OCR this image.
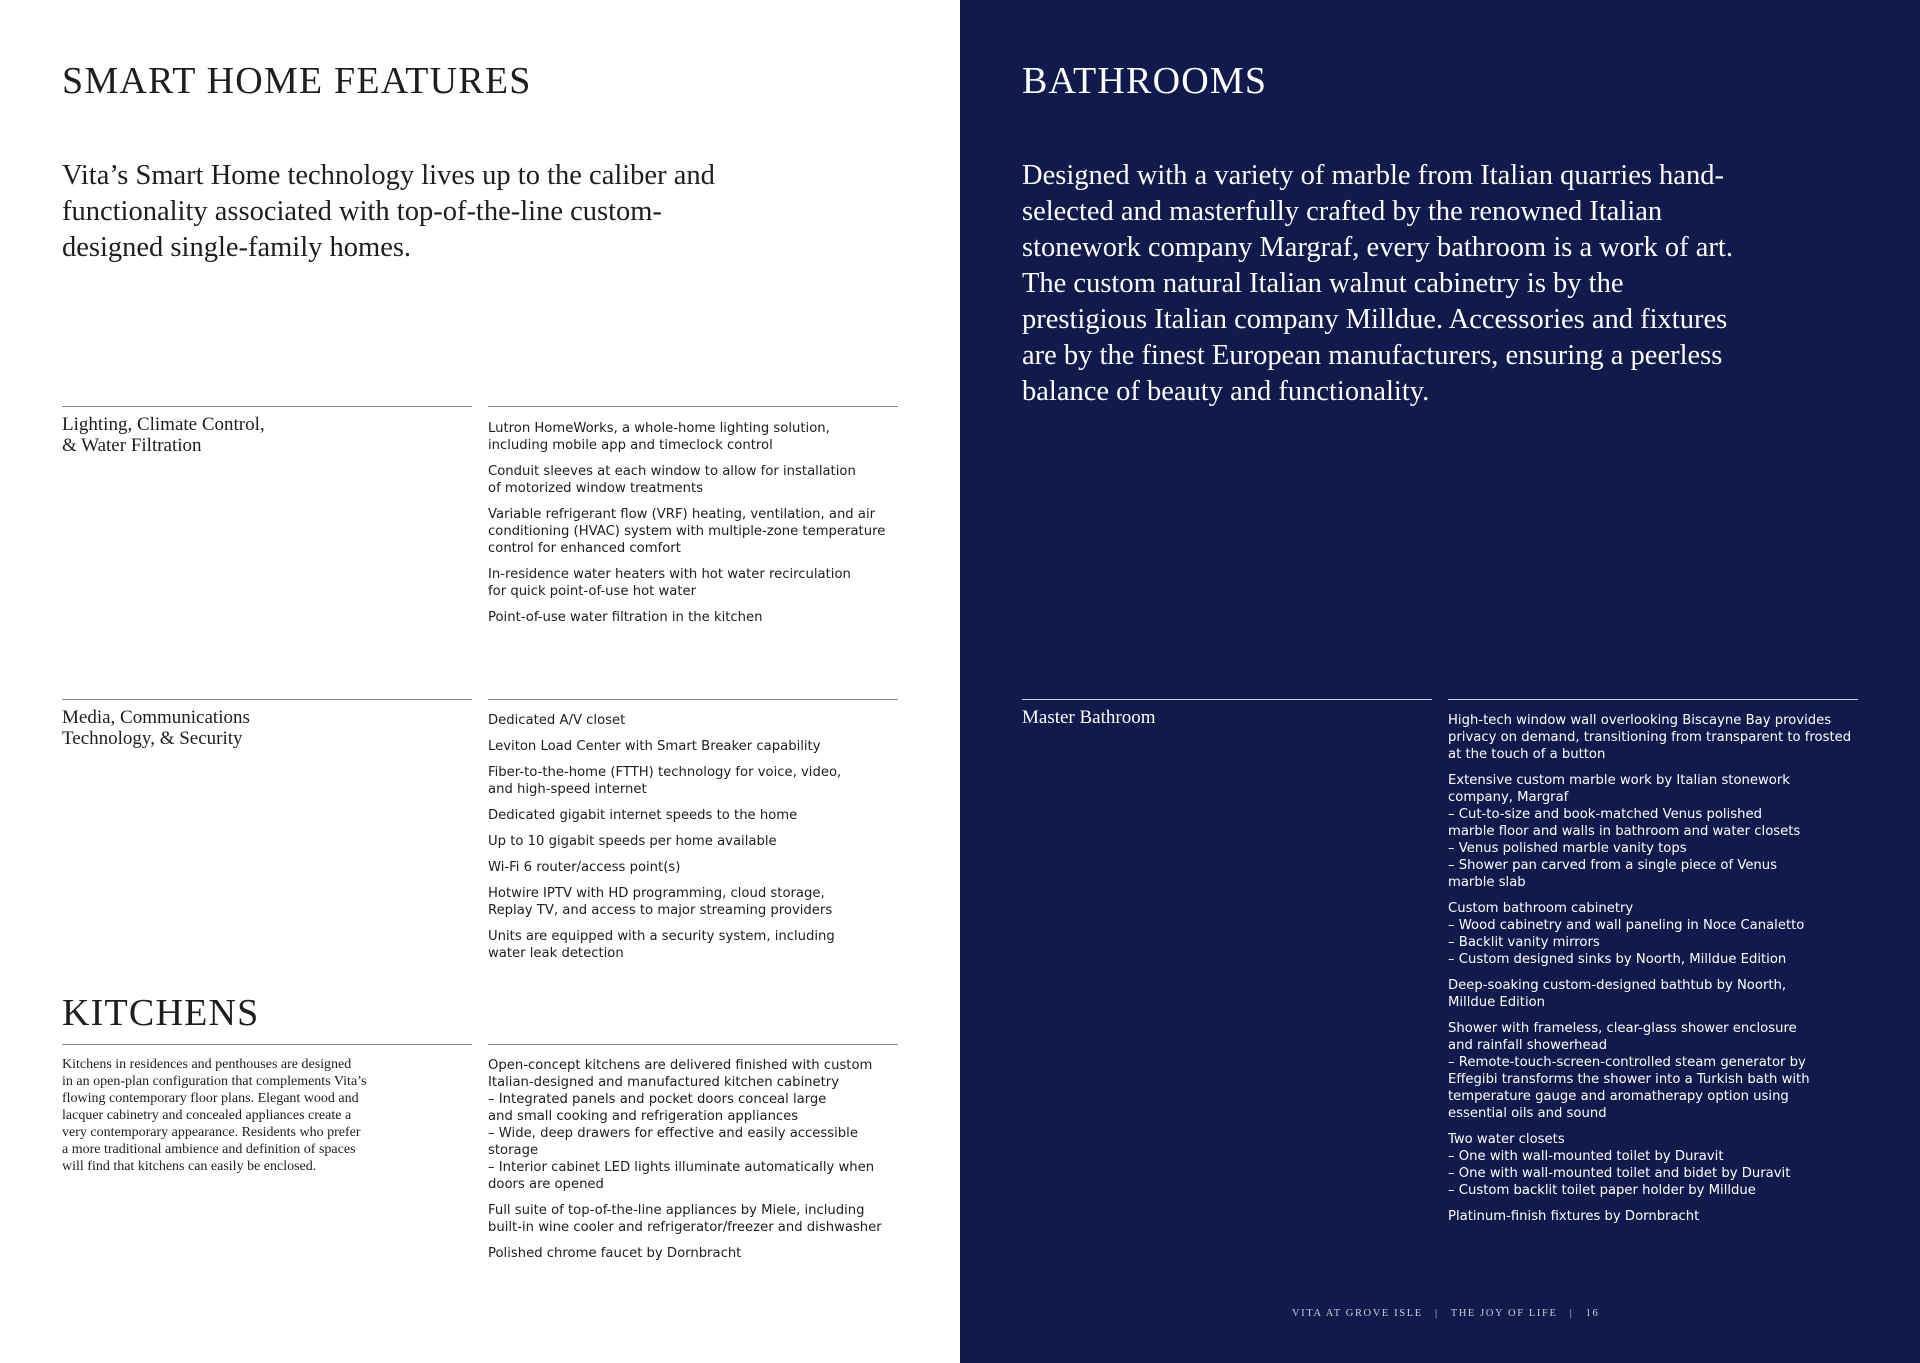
SMART HOME FEATURES

Vita’s Smart Home technology lives up to the caliber and functionality associated with top-of-the-line custom-designed single-family homes.

Lighting, Climate Control,
& Water Filtration
Lutron HomeWorks, a whole-home lighting solution,
including mobile app and timeclock control
Conduit sleeves at each window to allow for installation
of motorized window treatments
Variable refrigerant flow (VRF) heating, ventilation, and air
conditioning (HVAC) system with multiple-zone temperature
control for enhanced comfort
In-residence water heaters with hot water recirculation
for quick point-of-use hot water
Point-of-use water filtration in the kitchen
Media, Communications
Technology, & Security
Dedicated A/V closet
Leviton Load Center with Smart Breaker capability
Fiber-to-the-home (FTTH) technology for voice, video,
and high-speed internet
Dedicated gigabit internet speeds to the home
Up to 10 gigabit speeds per home available
Wi-Fi 6 router/access point(s)
Hotwire IPTV with HD programming, cloud storage,
Replay TV, and access to major streaming providers
Units are equipped with a security system, including
water leak detection
KITCHENS
Kitchens in residences and penthouses are designed
in an open-plan configuration that complements Vita’s
flowing contemporary floor plans. Elegant wood and
lacquer cabinetry and concealed appliances create a
very contemporary appearance. Residents who prefer
a more traditional ambience and definition of spaces
will find that kitchens can easily be enclosed.
Open-concept kitchens are delivered finished with custom
Italian-designed and manufactured kitchen cabinetry
– Integrated panels and pocket doors conceal large
and small cooking and refrigeration appliances
– Wide, deep drawers for effective and easily accessible
storage
– Interior cabinet LED lights illuminate automatically when
doors are opened
Full suite of top-of-the-line appliances by Miele, including
built-in wine cooler and refrigerator/freezer and dishwasher
Polished chrome faucet by Dornbracht
BATHROOMS

Designed with a variety of marble from Italian quarries hand-selected and masterfully crafted by the renowned Italian stonework company Margraf, every bathroom is a work of art. The custom natural Italian walnut cabinetry is by the prestigious Italian company Milldue. Accessories and fixtures are by the finest European manufacturers, ensuring a peerless balance of beauty and functionality.

Master Bathroom	High-tech window wall overlooking Biscayne Bay provides
privacy on demand, transitioning from transparent to frosted
at the touch of a button
Extensive custom marble work by Italian stonework
company, Margraf
– Cut-to-size and book-matched Venus polished
marble floor and walls in bathroom and water closets
– Venus polished marble vanity tops
– Shower pan carved from a single piece of Venus
marble slab
Custom bathroom cabinetry
– Wood cabinetry and wall paneling in Noce Canaletto
– Backlit vanity mirrors
– Custom designed sinks by Noorth, Milldue Edition
Deep-soaking custom-designed bathtub by Noorth,
Milldue Edition
Shower with frameless, clear-glass shower enclosure
and rainfall showerhead
– Remote-touch-screen-controlled steam generator by
Effegibi transforms the shower into a Turkish bath with
temperature gauge and aromatherapy option using
essential oils and sound
Two water closets
– One with wall-mounted toilet by Duravit
– One with wall-mounted toilet and bidet by Duravit
– Custom backlit toilet paper holder by Milldue
Platinum-finish fixtures by Dornbracht
VITA AT GROVE ISLE | THE JOY OF LIFE | 16
